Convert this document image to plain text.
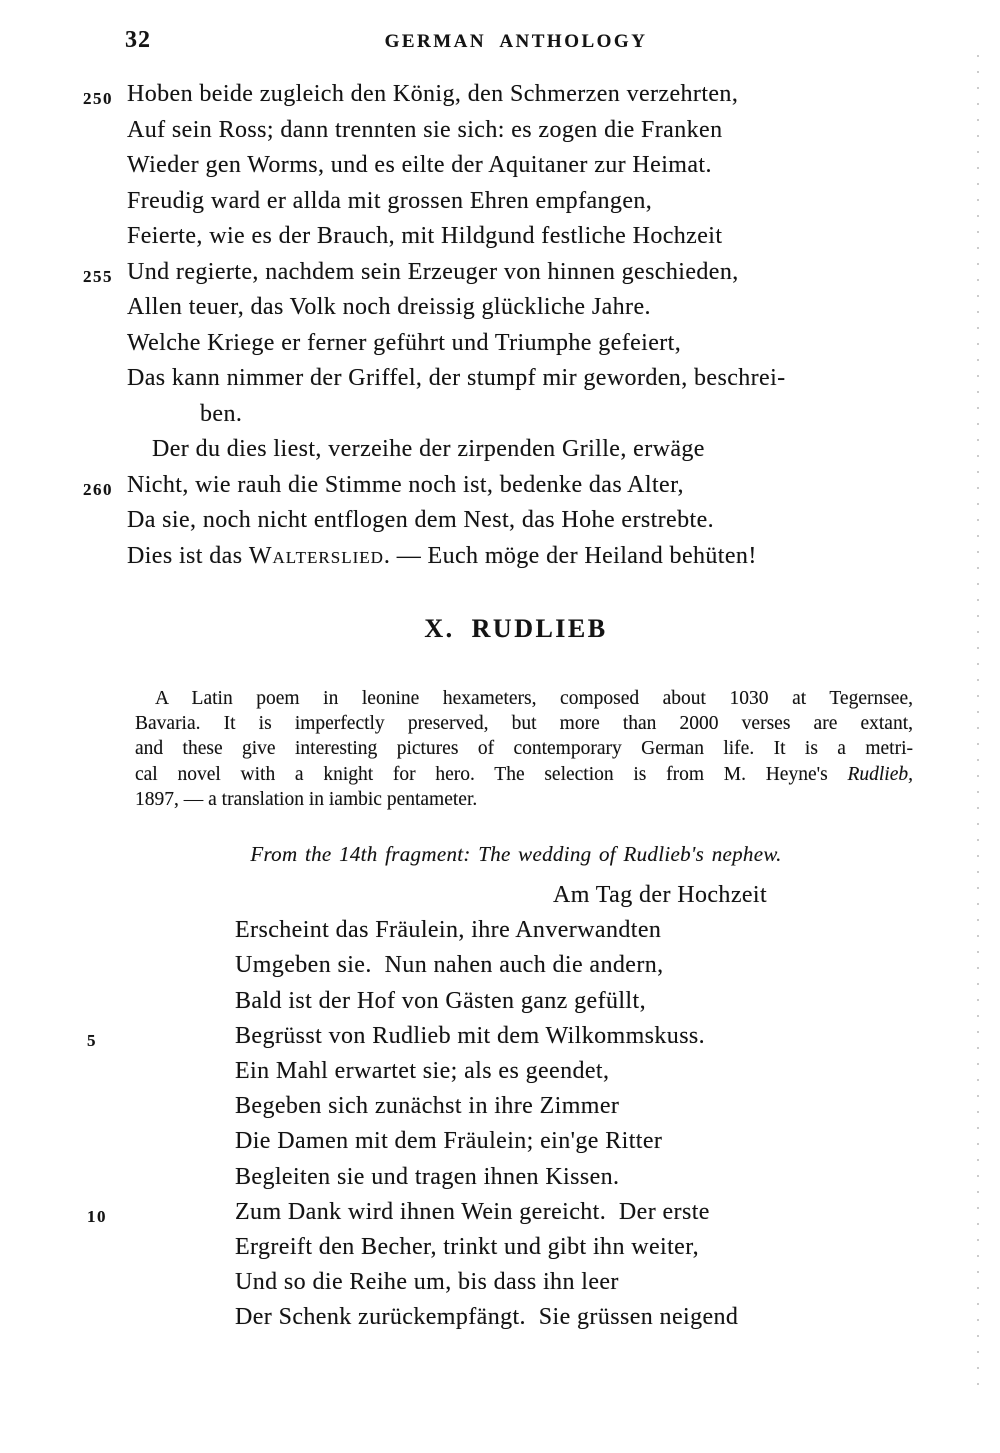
32	GERMAN ANTHOLOGY
250 Hoben beide zugleich den König, den Schmerzen verzehrten,
Auf sein Ross; dann trennten sie sich: es zogen die Franken
Wieder gen Worms, und es eilte der Aquitaner zur Heimat.
Freudig ward er allda mit grossen Ehren empfangen,
Feierte, wie es der Brauch, mit Hildgund festliche Hochzeit
255 Und regierte, nachdem sein Erzeuger von hinnen geschieden,
Allen teuer, das Volk noch dreissig glückliche Jahre.
Welche Kriege er ferner geführt und Triumphe gefeiert,
Das kann nimmer der Griffel, der stumpf mir geworden, beschrei-
ben.
Der du dies liest, verzeihe der zirpenden Grille, erwäge
260 Nicht, wie rauh die Stimme noch ist, bedenke das Alter,
Da sie, noch nicht entflogen dem Nest, das Hohe erstrebte.
Dies ist das Walterslied. — Euch möge der Heiland behüten!
X. RUDLIEB
A Latin poem in leonine hexameters, composed about 1030 at Tegernsee,
Bavaria. It is imperfectly preserved, but more than 2000 verses are extant,
and these give interesting pictures of contemporary German life. It is a metri-
cal novel with a knight for hero. The selection is from M. Heyne's Rudlieb,
1897, — a translation in iambic pentameter.
From the 14th fragment: The wedding of Rudlieb's nephew.
Am Tag der Hochzeit
Erscheint das Fräulein, ihre Anverwandten
Umgeben sie.  Nun nahen auch die andern,
Bald ist der Hof von Gästen ganz gefüllt,
5	Begrüsst von Rudlieb mit dem Wilkommskuss.
Ein Mahl erwartet sie; als es geendet,
Begeben sich zunächst in ihre Zimmer
Die Damen mit dem Fräulein; ein'ge Ritter
Begleiten sie und tragen ihnen Kissen.
10	Zum Dank wird ihnen Wein gereicht.  Der erste
Ergreift den Becher, trinkt und gibt ihn weiter,
Und so die Reihe um, bis dass ihn leer
Der Schenk zurückempfängt.  Sie grüssen neigend
